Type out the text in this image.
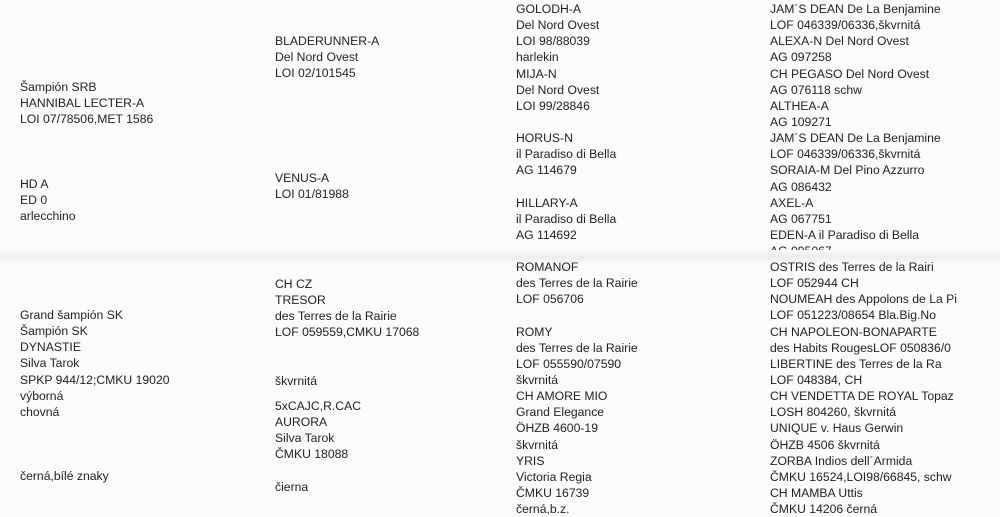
Šampión SRB
HANNIBAL LECTER-A
LOI 07/78506,MET 1586
HD A
ED 0
arlecchino
BLADERUNNER-A
Del Nord Ovest
LOI 02/101545
VENUS-A
LOI 01/81988
GOLODH-A
Del Nord Ovest
LOI 98/88039
harlekin
MIJA-N
Del Nord Ovest
LOI 99/28846
HORUS-N
il Paradiso di Bella
AG 114679
HILLARY-A
il Paradiso di Bella
AG 114692
JAM´S DEAN De La Benjamine
LOF 046339/06336,škvrnitá
ALEXA-N Del Nord Ovest
AG 097258
CH PEGASO Del Nord Ovest
AG 076118 schw
ALTHEA-A
AG 109271
JAM´S DEAN De La Benjamine
LOF 046339/06336,škvrnitá
SORAIA-M Del Pino Azzurro
AG 086432
AXEL-A
AG 067751
EDEN-A il Paradiso di Bella
Grand šampión SK
Šampión SK
DYNASTIE
Silva Tarok
SPKP 944/12;CMKU 19020
výborná
chovná
černá,bílé znaky
CH CZ
TRESOR
des Terres de la Rairie
LOF 059559,CMKU 17068
škvrnitá
5xCAJC,R.CAC
AURORA
Silva Tarok
ČMKU 18088
čierna
ROMANOF
des Terres de la Rairie
LOF 056706
ROMY
des Terres de la Rairie
LOF 055590/07590
škvrnitá
CH AMORE MIO
Grand Elegance
ÖHZB 4600-19
škvrnitá
YRIS
Victoria Regia
ČMKU 16739
černá,b.z.
OSTRIS des Terres de la Rairi
LOF 052944 CH
NOUMEAH des Appolons de La Pi
LOF 051223/08654 Bla.Big.No
CH NAPOLEON-BONAPARTE
des Habits RougesLOF 050836/0
LIBERTINE des Terres de la Ra
LOF 048384, CH
CH VENDETTA DE ROYAL Topaz
LOSH 804260, škvrnitá
UNIQUE v. Haus Gerwin
ÖHZB 4506 škvrnitá
ZORBA Indios dell´Armida
ČMKU 16524,LOI98/66845, schw
CH MAMBA Uttis
ČMKU 14206 černá
